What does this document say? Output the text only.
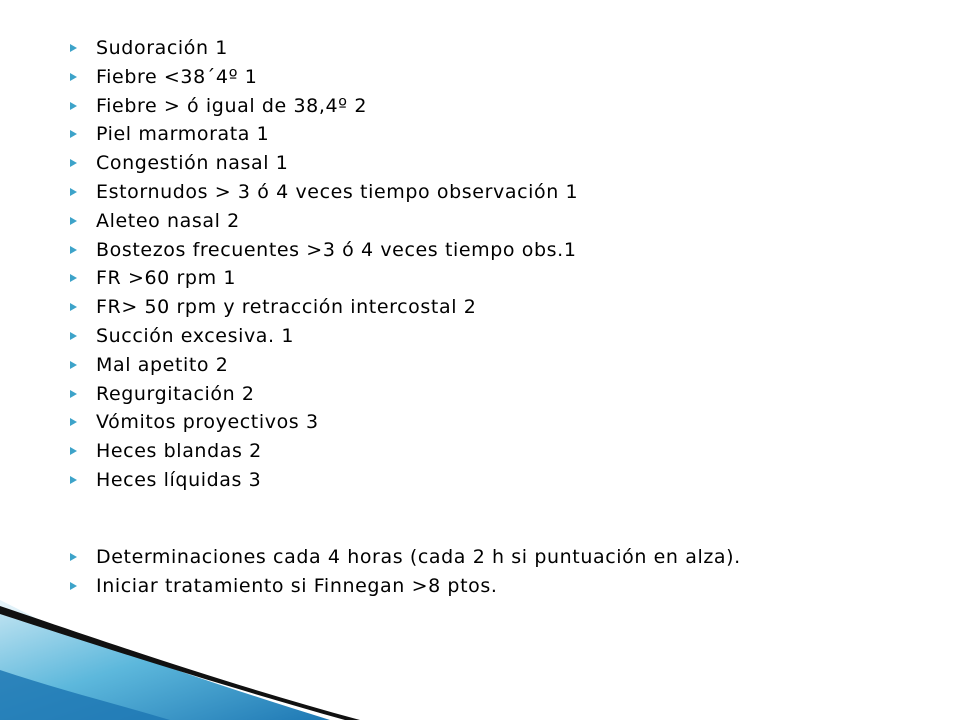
Sudoración 1
Fiebre <38´4º 1
Fiebre > ó igual de 38,4º 2
Piel marmorata 1
Congestión nasal 1
Estornudos > 3 ó 4 veces tiempo observación 1
Aleteo nasal 2
Bostezos frecuentes >3 ó 4 veces tiempo obs.1
FR >60 rpm 1
FR> 50 rpm y retracción intercostal 2
Succión excesiva. 1
Mal apetito 2
Regurgitación 2
Vómitos proyectivos 3
Heces blandas 2
Heces líquidas 3
Determinaciones cada 4 horas (cada 2 h si puntuación en alza).
Iniciar tratamiento si Finnegan >8 ptos.
